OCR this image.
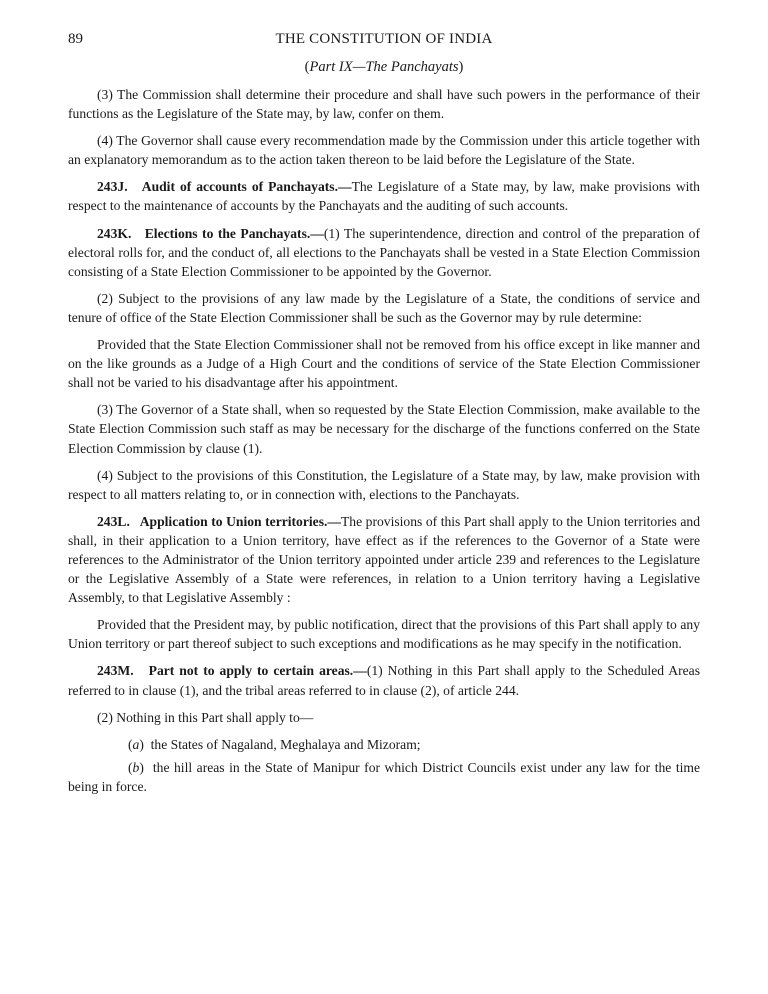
89	THE CONSTITUTION OF INDIA
(Part IX—The Panchayats)

(3) The Commission shall determine their procedure and shall have such powers in the performance of their functions as the Legislature of the State may, by law, confer on them.

(4) The Governor shall cause every recommendation made by the Commission under this article together with an explanatory memorandum as to the action taken thereon to be laid before the Legislature of the State.

243J. Audit of accounts of Panchayats.—The Legislature of a State may, by law, make provisions with respect to the maintenance of accounts by the Panchayats and the auditing of such accounts.

243K. Elections to the Panchayats.—(1) The superintendence, direction and control of the preparation of electoral rolls for, and the conduct of, all elections to the Panchayats shall be vested in a State Election Commission consisting of a State Election Commissioner to be appointed by the Governor.

(2) Subject to the provisions of any law made by the Legislature of a State, the conditions of service and tenure of office of the State Election Commissioner shall be such as the Governor may by rule determine:

Provided that the State Election Commissioner shall not be removed from his office except in like manner and on the like grounds as a Judge of a High Court and the conditions of service of the State Election Commissioner shall not be varied to his disadvantage after his appointment.

(3) The Governor of a State shall, when so requested by the State Election Commission, make available to the State Election Commission such staff as may be necessary for the discharge of the functions conferred on the State Election Commission by clause (1).

(4) Subject to the provisions of this Constitution, the Legislature of a State may, by law, make provision with respect to all matters relating to, or in connection with, elections to the Panchayats.

243L. Application to Union territories.—The provisions of this Part shall apply to the Union territories and shall, in their application to a Union territory, have effect as if the references to the Governor of a State were references to the Administrator of the Union territory appointed under article 239 and references to the Legislature or the Legislative Assembly of a State were references, in relation to a Union territory having a Legislative Assembly, to that Legislative Assembly :

Provided that the President may, by public notification, direct that the provisions of this Part shall apply to any Union territory or part thereof subject to such exceptions and modifications as he may specify in the notification.

243M. Part not to apply to certain areas.—(1) Nothing in this Part shall apply to the Scheduled Areas referred to in clause (1), and the tribal areas referred to in clause (2), of article 244.

(2) Nothing in this Part shall apply to—

(a) the States of Nagaland, Meghalaya and Mizoram;

(b) the hill areas in the State of Manipur for which District Councils exist under any law for the time being in force.
